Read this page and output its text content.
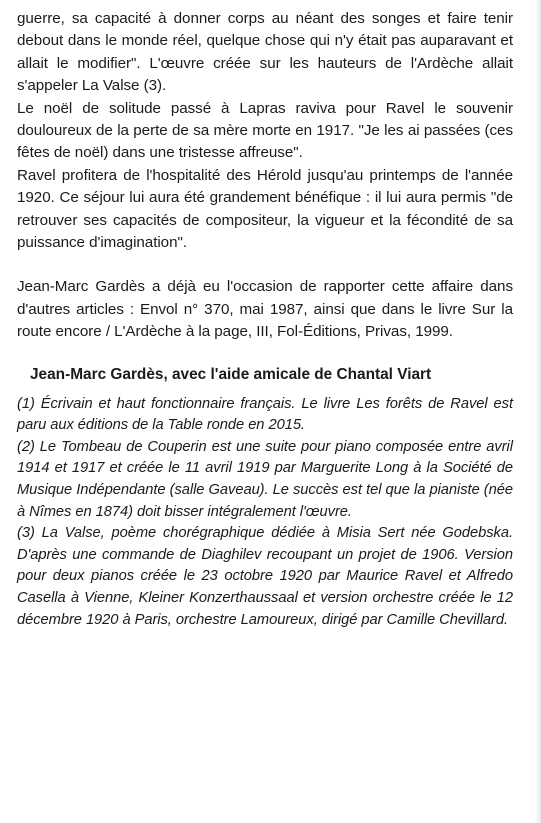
guerre, sa capacité à donner corps au néant des songes et faire tenir debout dans le monde réel, quelque chose qui n'y était pas auparavant et allait le modifier". L'œuvre créée sur les hauteurs de l'Ardèche allait s'appeler La Valse (3).

Le noël de solitude passé à Lapras raviva pour Ravel le souvenir douloureux de la perte de sa mère morte en 1917. "Je les ai passées (ces fêtes de noël) dans une tristesse affreuse".

Ravel profitera de l'hospitalité des Hérold jusqu'au printemps de l'année 1920. Ce séjour lui aura été grandement bénéfique : il lui aura permis "de retrouver ses capacités de compositeur, la vigueur et la fécondité de sa puissance d'imagination".

Jean-Marc Gardès a déjà eu l'occasion de rapporter cette affaire dans d'autres articles : Envol n° 370, mai 1987, ainsi que dans le livre Sur la route encore / L'Ardèche à la page, III, Fol-Éditions, Privas, 1999.

Jean-Marc Gardès, avec l'aide amicale de Chantal Viart

(1) Écrivain et haut fonctionnaire français. Le livre Les forêts de Ravel est paru aux éditions de la Table ronde en 2015.

(2) Le Tombeau de Couperin est une suite pour piano composée entre avril 1914 et 1917 et créée le 11 avril 1919 par Marguerite Long à la Société de Musique Indépendante (salle Gaveau). Le succès est tel que la pianiste (née à Nîmes en 1874) doit bisser intégralement l'œuvre.

(3) La Valse, poème chorégraphique dédiée à Misia Sert née Godebska. D'après une commande de Diaghilev recoupant un projet de 1906. Version pour deux pianos créée le 23 octobre 1920 par Maurice Ravel et Alfredo Casella à Vienne, Kleiner Konzerthaussaal et version orchestre créée le 12 décembre 1920 à Paris, orchestre Lamoureux, dirigé par Camille Chevillard.
